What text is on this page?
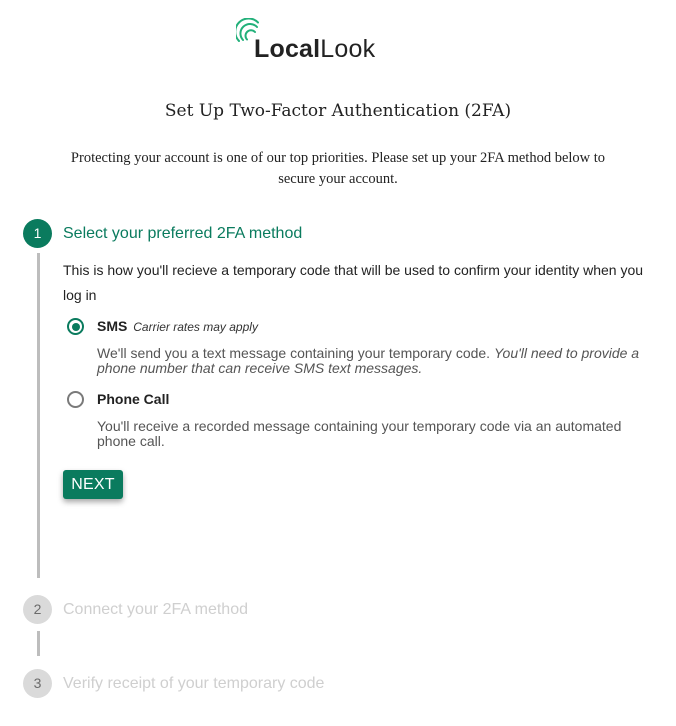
LocalLook
Set Up Two-Factor Authentication (2FA)
Protecting your account is one of our top priorities. Please set up your 2FA method below to secure your account.
1	Select your preferred 2FA method
This is how you'll recieve a temporary code that will be used to confirm your identity when you log in
SMS Carrier rates may apply
We'll send you a text message containing your temporary code. You'll need to provide a phone number that can receive SMS text messages.
Phone Call
You'll receive a recorded message containing your temporary code via an automated phone call.
NEXT
2	Connect your 2FA method
3	Verify receipt of your temporary code
